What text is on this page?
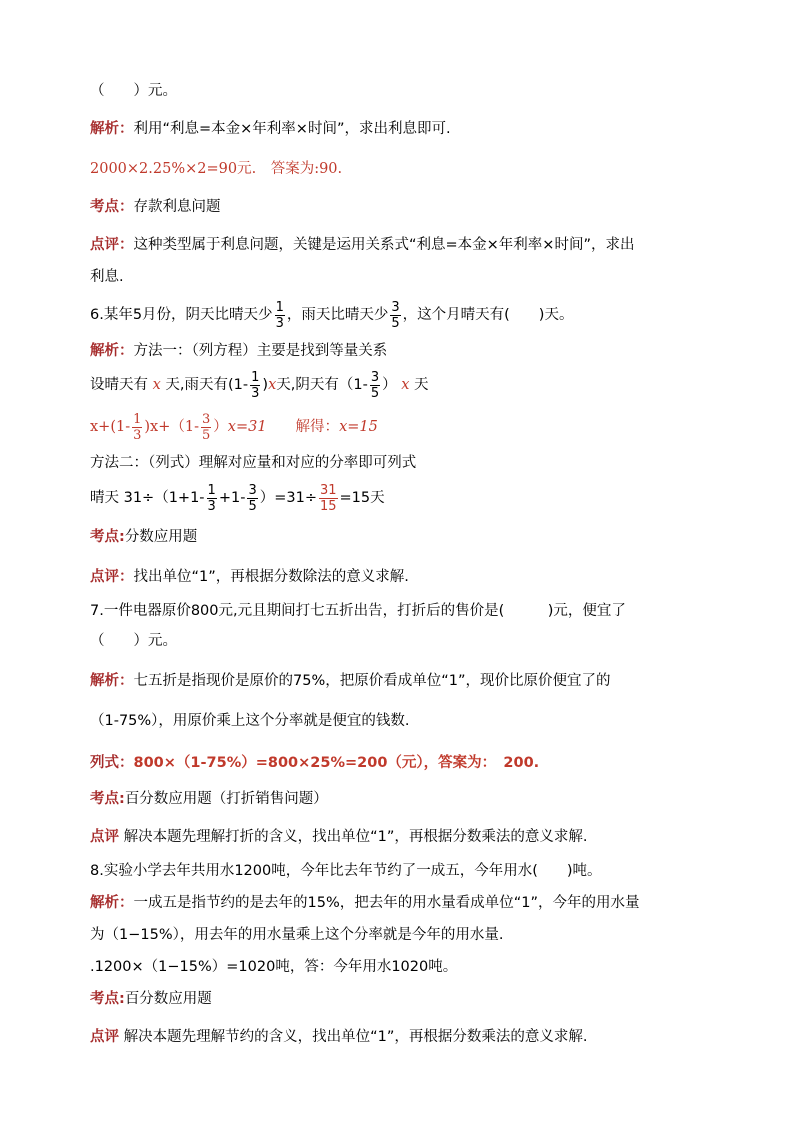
（　　）元。
解析：利用“利息=本金×年利率×时间”，求出利息即可.
2000×2.25%×2=90元.　答案为:90.
考点：存款利息问题
点评：这种类型属于利息问题，关键是运用关系式“利息=本金×年利率×时间”，求出
利息.
6.某年5月份，阴天比晴天少 $\frac{1}{3}$ ，雨天比晴天少 $\frac{3}{5}$ ，这个月晴天有(　　)天。
解析：方法一：（列方程）主要是找到等量关系
设晴天有 x 天,雨天有$(1- \frac{1}{3} )x$天,阴天有（$1- \frac{3}{5}$ ） x 天
$x+(1- \frac{1}{3} )x+(1- \frac{3}{5} )x=31$　　解得：x=15
方法二：（列式）理解对应量和对应的分率即可列式
晴天 $31\div(1+1- \frac{1}{3} +1- \frac{3}{5} )=31\div \frac{31}{15} =15$天
考点:分数应用题
点评：找出单位“1”，再根据分数除法的意义求解.
7.一件电器原价800元,元且期间打七五折出告，打折后的售价是(　　　)元，便宜了
（　　）元。
解析：七五折是指现价是原价的75%，把原价看成单位“1”，现价比原价便宜了的
（1-75%），用原价乘上这个分率就是便宜的钱数.
列式：800×（1-75%）=800×25%=200（元），答案为：　200.
考点:百分数应用题（打折销售问题）
点评 解决本题先理解打折的含义，找出单位“1”，再根据分数乘法的意义求解.
8.实验小学去年共用水1200吨，今年比去年节约了一成五，今年用水(　　)吨。
解析：一成五是指节约的是去年的15%，把去年的用水量看成单位“1”，今年的用水量
为（1−15%），用去年的用水量乘上这个分率就是今年的用水量.
.1200×（1−15%）=1020吨，答：今年用水1020吨。
考点:百分数应用题
点评 解决本题先理解节约的含义，找出单位“1”，再根据分数乘法的意义求解.
